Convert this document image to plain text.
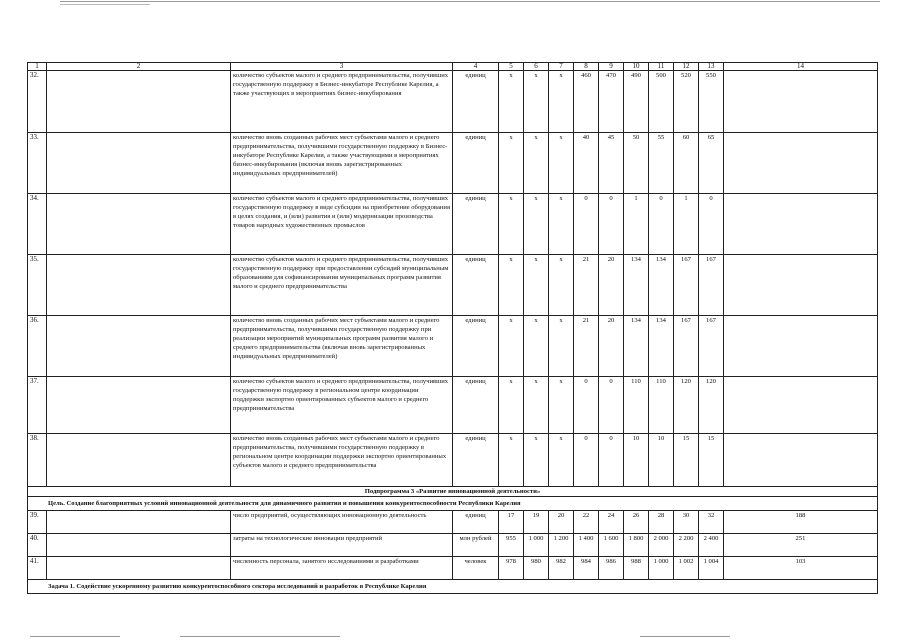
1	2	3	4	5	6	7	8	9	10	11	12	13	14
32.		количество субъектов малого и среднего предпринимательства, получивших государственную поддержку в Бизнес-инкубаторе Республике Карелия, а также участвующих в мероприятиях бизнес-инкубирования	единиц	x	x	x	460	470	490	500	520	550	
33.		количество вновь созданных рабочих мест субъектами малого и среднего предпринимательства, получившими государственную поддержку в Бизнес-инкубаторе Республике Карелия, а также участвующими в мероприятиях бизнес-инкубирования (включая вновь зарегистрированных индивидуальных предпринимателей)	единиц	x	x	x	40	45	50	55	60	65	
34.		количество субъектов малого и среднего предпринимательства, получивших государственную поддержку в виде субсидии на приобретение оборудования в целях создания, и (или) развития и (или) модернизации производства товаров народных художественных промыслов	единиц	x	x	x	0	0	1	0	1	0	
35.		количество субъектов малого и среднего предпринимательства, получивших государственную поддержку при предоставлении субсидий муниципальным образованиям для софинансирования муниципальных программ развития малого и среднего предпринимательства	единиц	x	x	x	21	20	134	134	167	167	
36.		количество вновь созданных рабочих мест субъектами малого и среднего предпринимательства, получившими государственную поддержку при реализации мероприятий муниципальных программ развития малого и среднего предпринимательства (включая вновь зарегистрированных индивидуальных предпринимателей)	единиц	x	x	x	21	20	134	134	167	167	
37.		количество субъектов малого и среднего предпринимательства, получивших государственную поддержку в региональном центре координации поддержки экспортно ориентированных субъектов малого и среднего предпринимательства	единиц	x	x	x	0	0	110	110	120	120	
38.		количество вновь созданных рабочих мест субъектами малого и среднего предпринимательства, получившими государственную поддержку в региональном центре координации поддержки экспортно ориентированных субъектов малого и среднего предпринимательства	единиц	x	x	x	0	0	10	10	15	15	
Подпрограмма 3 «Развитие инновационной деятельности»													
Цель. Создание благоприятных условий инновационной деятельности для динамичного развития и повышения конкурентоспособности Республики Карелия													
39.		число предприятий, осуществляющих инновационную деятельность	единиц	17	19	20	22	24	26	28	30	32	188
40.		затраты на технологические инновации предприятий	млн рублей	955	1 000	1 200	1 400	1 600	1 800	2 000	2 200	2 400	251
41.		численность персонала, занятого исследованиями и разработками	человек	978	980	982	984	986	988	1 000	1 002	1 004	103
Задача 1. Содействие ускоренному развитию конкурентоспособного сектора исследований и разработок в Республике Карелия													
